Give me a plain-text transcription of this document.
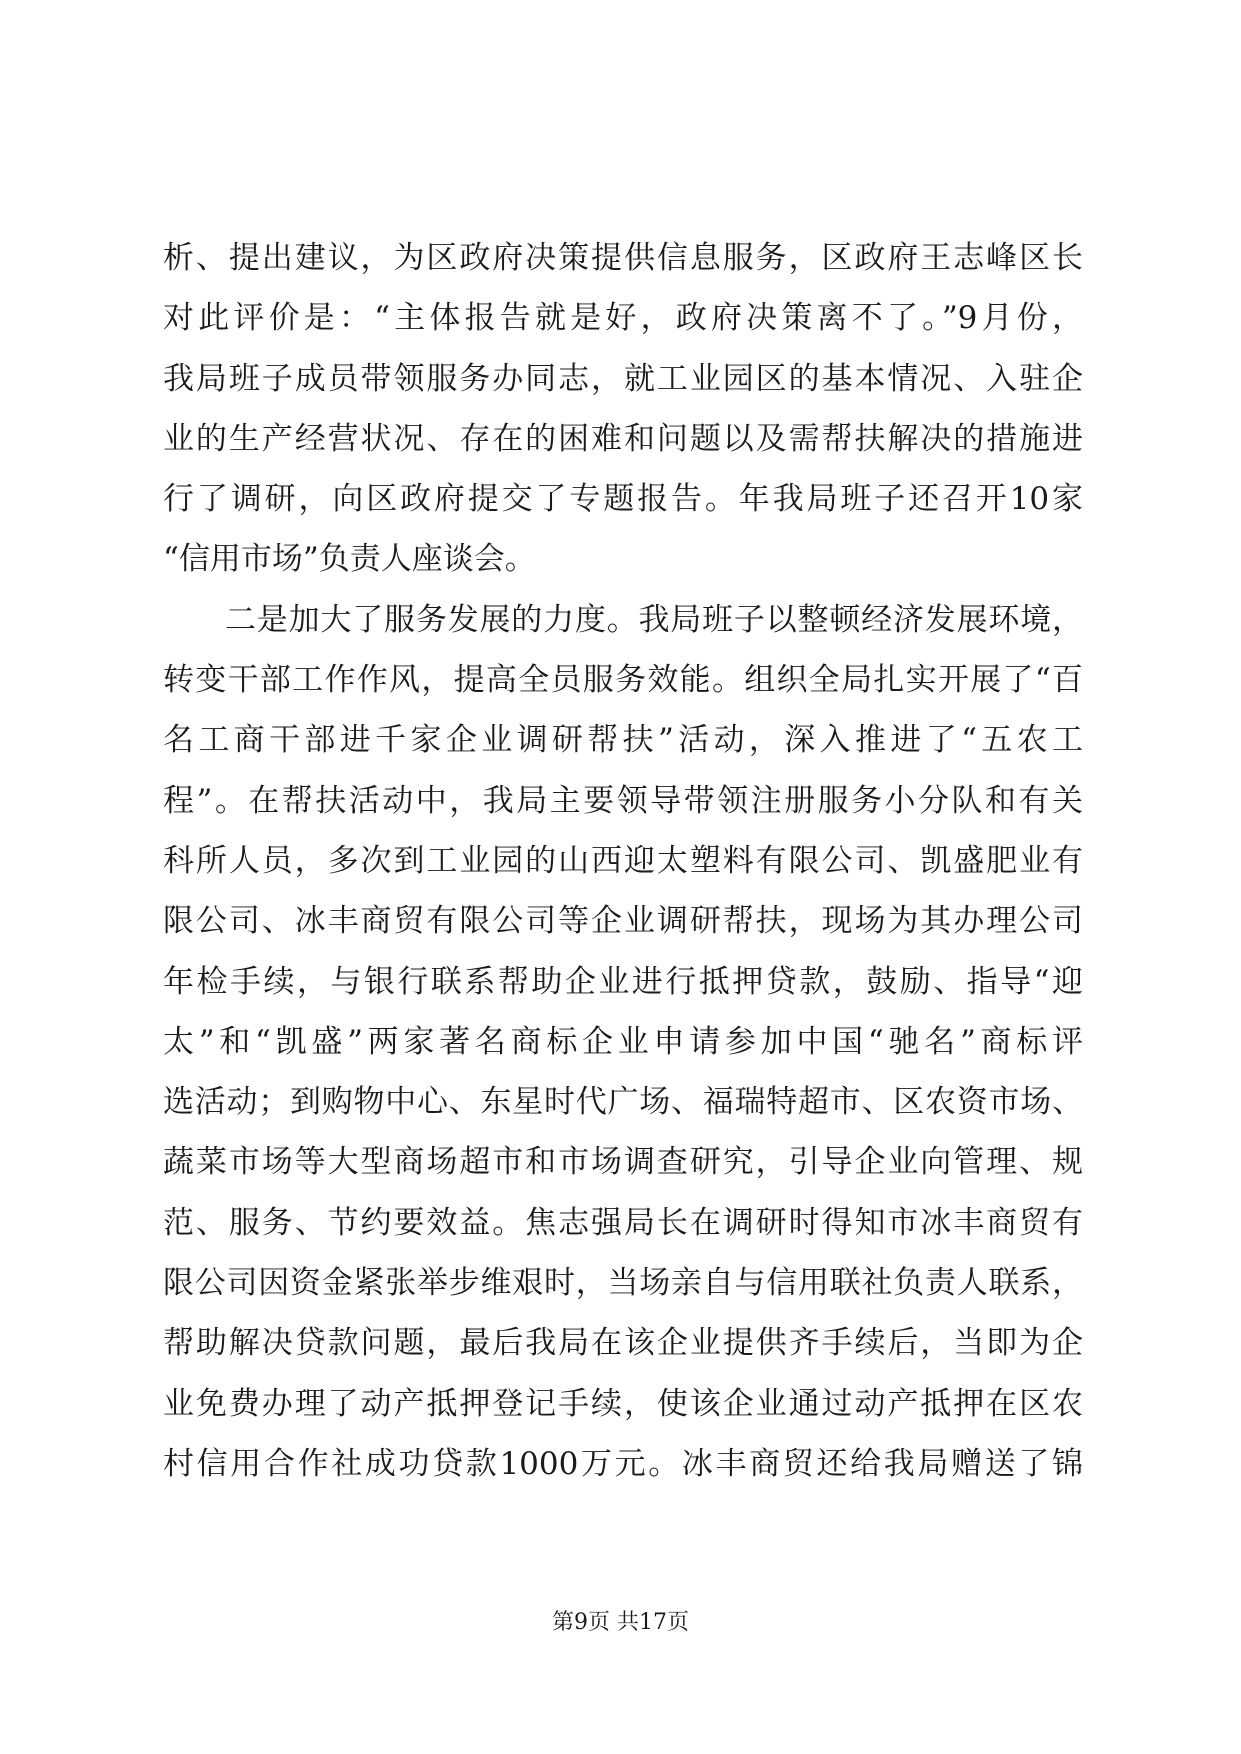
析、提出建议，为区政府决策提供信息服务，区政府王志峰区长
对此评价是：“主体报告就是好，政府决策离不了。”9月份，
我局班子成员带领服务办同志，就工业园区的基本情况、入驻企
业的生产经营状况、存在的困难和问题以及需帮扶解决的措施进
行了调研，向区政府提交了专题报告。年我局班子还召开10家
“信用市场”负责人座谈会。
二是加大了服务发展的力度。我局班子以整顿经济发展环境，
转变干部工作作风，提高全员服务效能。组织全局扎实开展了“百
名工商干部进千家企业调研帮扶”活动，深入推进了“五农工
程”。在帮扶活动中，我局主要领导带领注册服务小分队和有关
科所人员，多次到工业园的山西迎太塑料有限公司、凯盛肥业有
限公司、冰丰商贸有限公司等企业调研帮扶，现场为其办理公司
年检手续，与银行联系帮助企业进行抵押贷款，鼓励、指导“迎
太”和“凯盛”两家著名商标企业申请参加中国“驰名”商标评
选活动；到购物中心、东星时代广场、福瑞特超市、区农资市场、
蔬菜市场等大型商场超市和市场调查研究，引导企业向管理、规
范、服务、节约要效益。焦志强局长在调研时得知市冰丰商贸有
限公司因资金紧张举步维艰时，当场亲自与信用联社负责人联系，
帮助解决贷款问题，最后我局在该企业提供齐手续后，当即为企
业免费办理了动产抵押登记手续，使该企业通过动产抵押在区农
村信用合作社成功贷款1000万元。冰丰商贸还给我局赠送了锦
第9页 共17页
